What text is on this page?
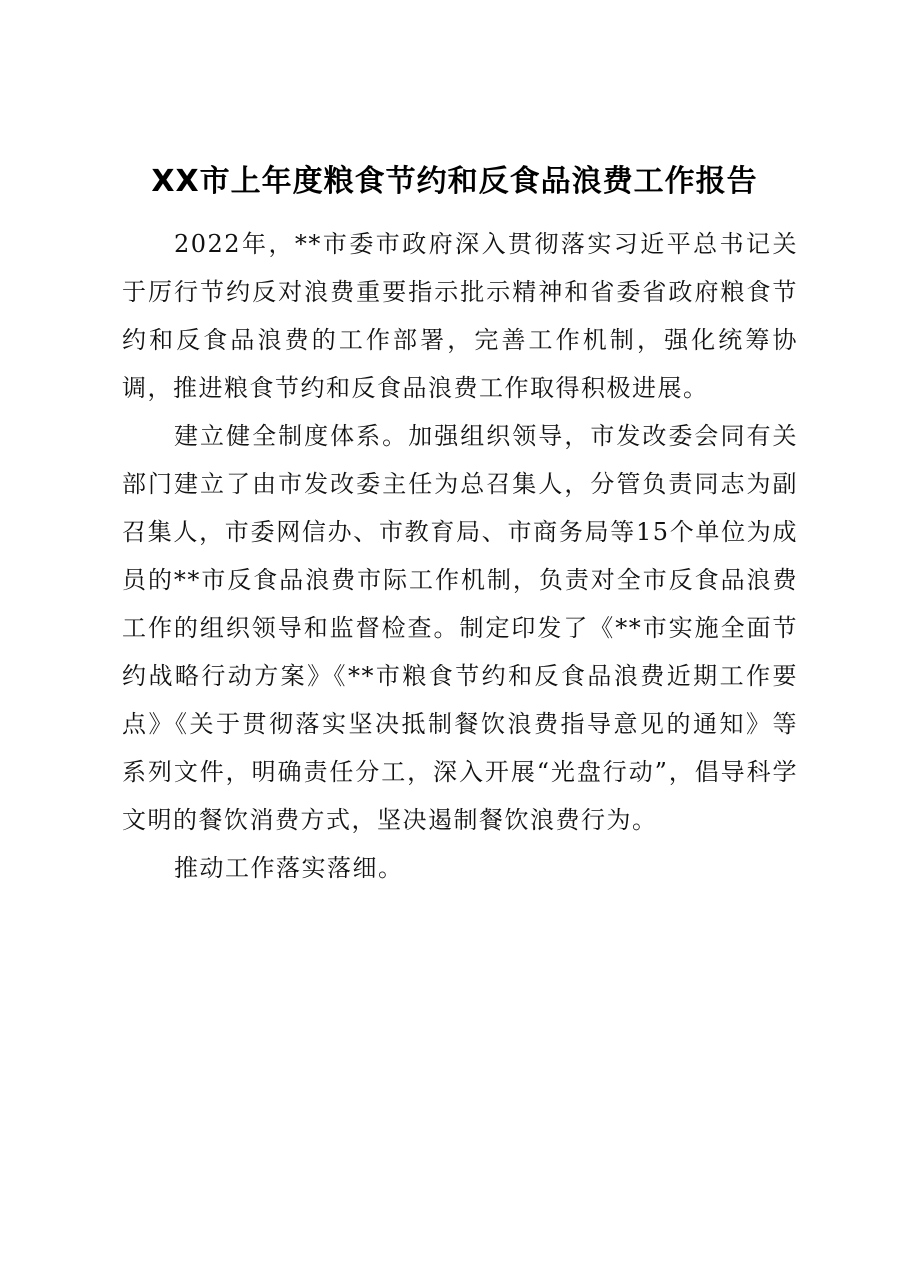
XX市上年度粮食节约和反食品浪费工作报告

2022年，**市委市政府深入贯彻落实习近平总书记关于厉行节约反对浪费重要指示批示精神和省委省政府粮食节约和反食品浪费的工作部署，完善工作机制，强化统筹协调，推进粮食节约和反食品浪费工作取得积极进展。

建立健全制度体系。加强组织领导，市发改委会同有关部门建立了由市发改委主任为总召集人，分管负责同志为副召集人，市委网信办、市教育局、市商务局等15个单位为成员的**市反食品浪费市际工作机制，负责对全市反食品浪费工作的组织领导和监督检查。制定印发了《**市实施全面节约战略行动方案》《**市粮食节约和反食品浪费近期工作要点》《关于贯彻落实坚决抵制餐饮浪费指导意见的通知》等系列文件，明确责任分工，深入开展“光盘行动”，倡导科学文明的餐饮消费方式，坚决遏制餐饮浪费行为。

推动工作落实落细。
